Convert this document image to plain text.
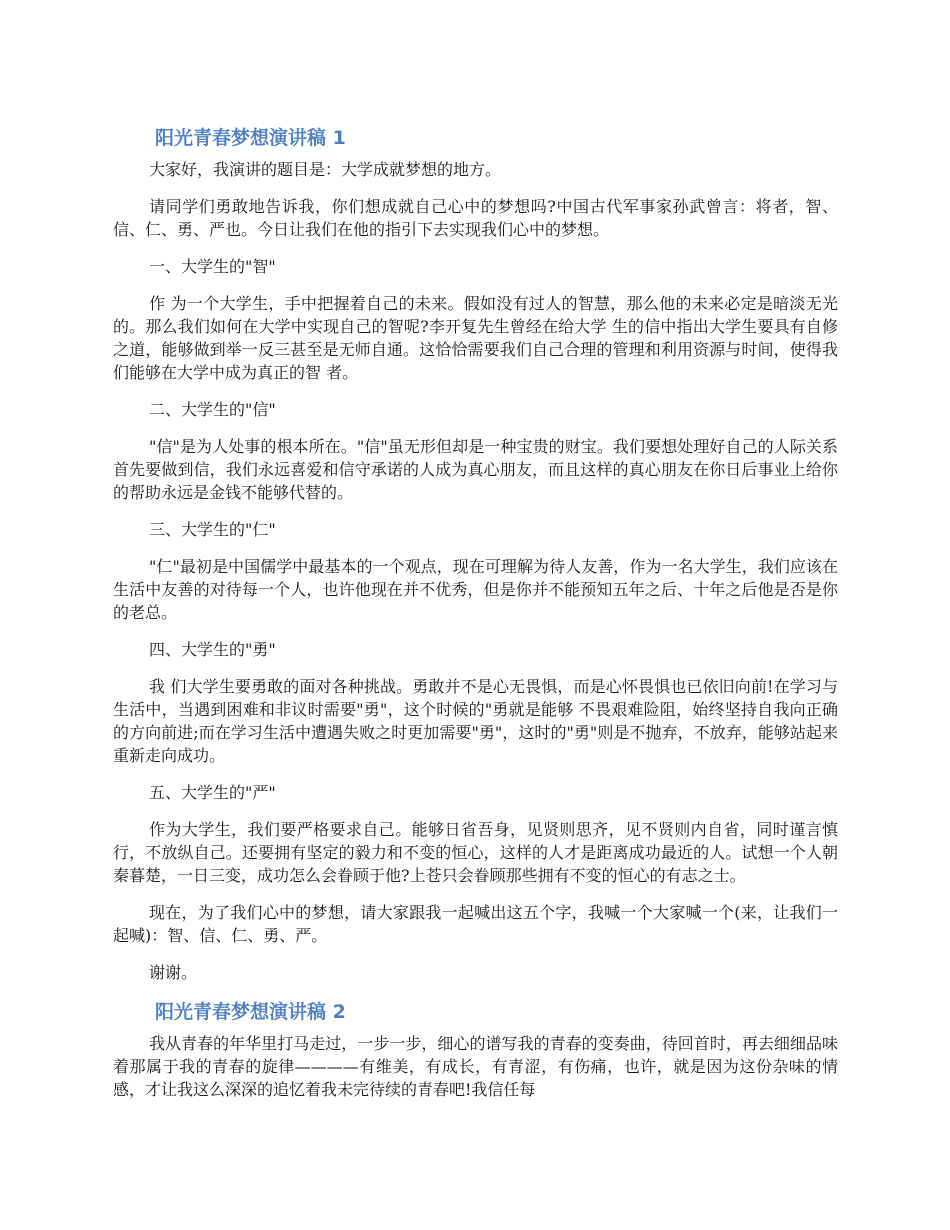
阳光青春梦想演讲稿 1

大家好，我演讲的题目是：大学成就梦想的地方。

请同学们勇敢地告诉我，你们想成就自己心中的梦想吗?中国古代军事家孙武曾言：将者，智、信、仁、勇、严也。今日让我们在他的指引下去实现我们心中的梦想。

一、大学生的"智"

作 为一个大学生，手中把握着自己的未来。假如没有过人的智慧，那么他的未来必定是暗淡无光的。那么我们如何在大学中实现自己的智呢?李开复先生曾经在给大学 生的信中指出大学生要具有自修之道，能够做到举一反三甚至是无师自通。这恰恰需要我们自己合理的管理和利用资源与时间，使得我们能够在大学中成为真正的智 者。

二、大学生的"信"

"信"是为人处事的根本所在。"信"虽无形但却是一种宝贵的财宝。我们要想处理好自己的人际关系首先要做到信，我们永远喜爱和信守承诺的人成为真心朋友，而且这样的真心朋友在你日后事业上给你的帮助永远是金钱不能够代替的。

三、大学生的"仁"

"仁"最初是中国儒学中最基本的一个观点，现在可理解为待人友善，作为一名大学生，我们应该在生活中友善的对待每一个人，也许他现在并不优秀，但是你并不能预知五年之后、十年之后他是否是你的老总。

四、大学生的"勇"

我 们大学生要勇敢的面对各种挑战。勇敢并不是心无畏惧，而是心怀畏惧也已依旧向前!在学习与生活中，当遇到困难和非议时需要"勇"，这个时候的"勇就是能够 不畏艰难险阻，始终坚持自我向正确的方向前进;而在学习生活中遭遇失败之时更加需要"勇"，这时的"勇"则是不抛弃，不放弃，能够站起来重新走向成功。

五、大学生的"严"

作为大学生，我们要严格要求自己。能够日省吾身，见贤则思齐，见不贤则内自省，同时谨言慎行，不放纵自己。还要拥有坚定的毅力和不变的恒心，这样的人才是距离成功最近的人。试想一个人朝秦暮楚，一日三变，成功怎么会眷顾于他?上苍只会眷顾那些拥有不变的恒心的有志之士。

现在，为了我们心中的梦想，请大家跟我一起喊出这五个字，我喊一个大家喊一个(来，让我们一起喊)：智、信、仁、勇、严。

谢谢。

阳光青春梦想演讲稿 2

我从青春的年华里打马走过，一步一步，细心的谱写我的青春的变奏曲，待回首时，再去细细品味着那属于我的青春的旋律————有维美，有成长，有青涩，有伤痛，也许，就是因为这份杂味的情感，才让我这么深深的追忆着我未完待续的青春吧!我信任每
